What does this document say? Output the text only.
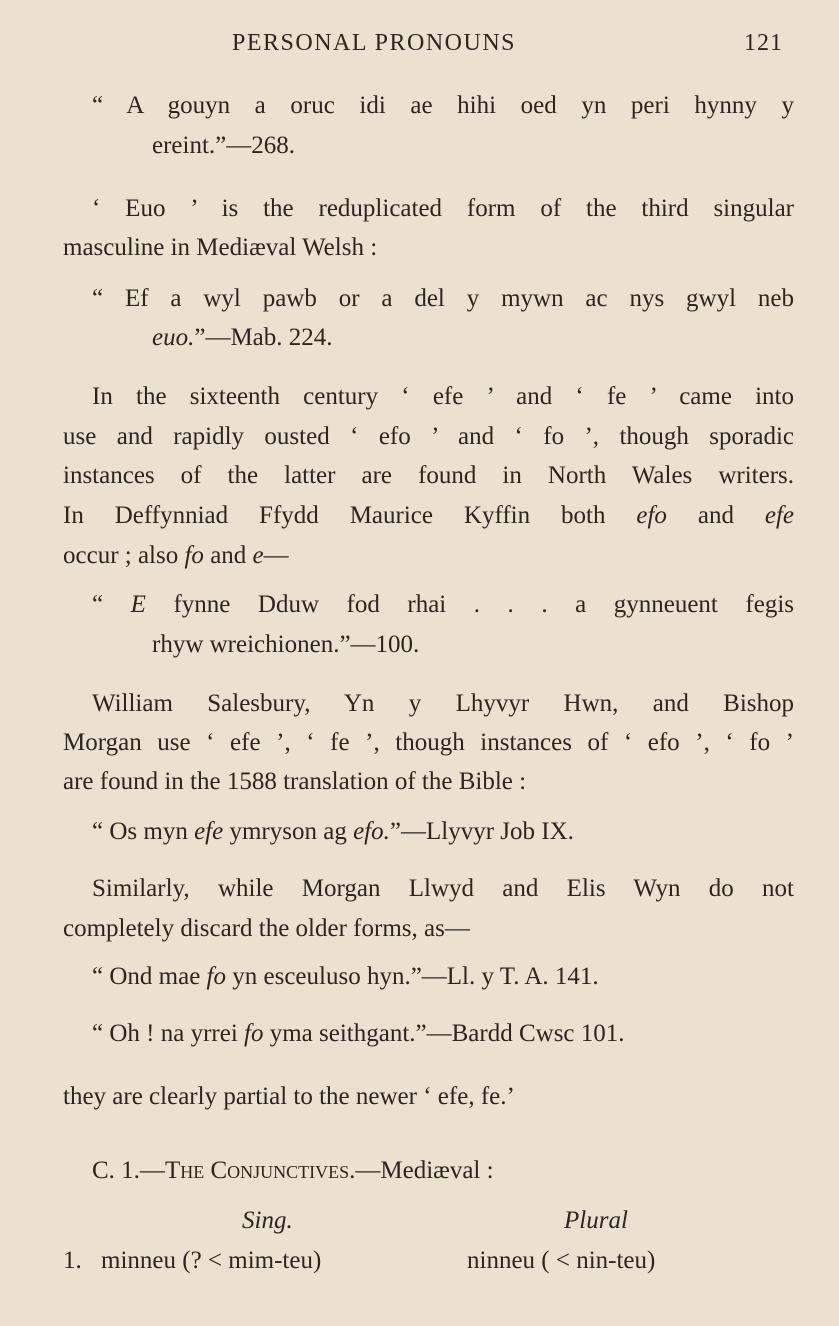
PERSONAL PRONOUNS	121
“ A gouyn a oruc idi ae hihi oed yn peri hynny y
ereint.”—268.
‘ Euo ’ is the reduplicated form of the third singular
masculine in Mediæval Welsh :
“ Ef a wyl pawb or a del y mywn ac nys gwyl neb
euo.”—Mab. 224.
In the sixteenth century ‘ efe ’ and ‘ fe ’ came into
use and rapidly ousted ‘ efo ’ and ‘ fo ’, though sporadic
instances of the latter are found in North Wales writers.
In Deffynniad Ffydd Maurice Kyffin both efo and efe
occur ; also fo and e—
“ E fynne Dduw fod rhai . . . a gynneuent fegis
rhyw wreichionen.”—100.
William Salesbury, Yn y Lhyvyr Hwn, and Bishop
Morgan use ‘ efe ’, ‘ fe ’, though instances of ‘ efo ’, ‘ fo ’
are found in the 1588 translation of the Bible :
“ Os myn efe ymryson ag efo.”—Llyvyr Job IX.
Similarly, while Morgan Llwyd and Elis Wyn do not
completely discard the older forms, as—
“ Ond mae fo yn esceuluso hyn.”—Ll. y T. A. 141.
“ Oh ! na yrrei fo yma seithgant.”—Bardd Cwsc 101.
they are clearly partial to the newer ‘ efe, fe.’
C. 1.—The Conjunctives.—Mediæval :
Sing.	Plural
1. minneu (? < mim-teu)	ninneu ( < nin-teu)
